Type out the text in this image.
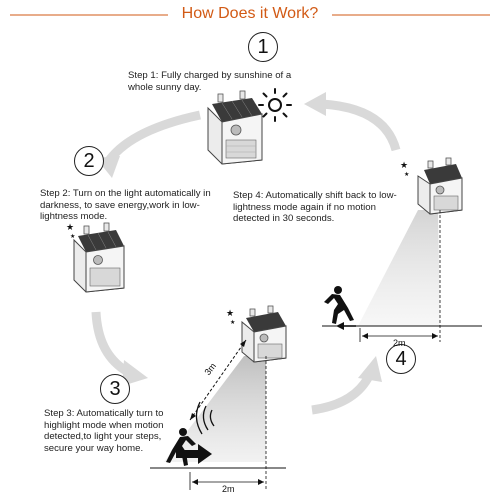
★
★
★
★
★
★
How Does it Work?
1
2
3
4
Step 1: Fully charged by sunshine of a whole sunny day.
Step 2: Turn on the light automatically in darkness, to save energy,work in low-lightness mode.
Step 3: Automatically turn to highlight mode when motion detected,to light your steps, secure your way home.
Step 4: Automatically shift back to low-lightness mode again if no motion detected in 30 seconds.
3m
2m
2m
